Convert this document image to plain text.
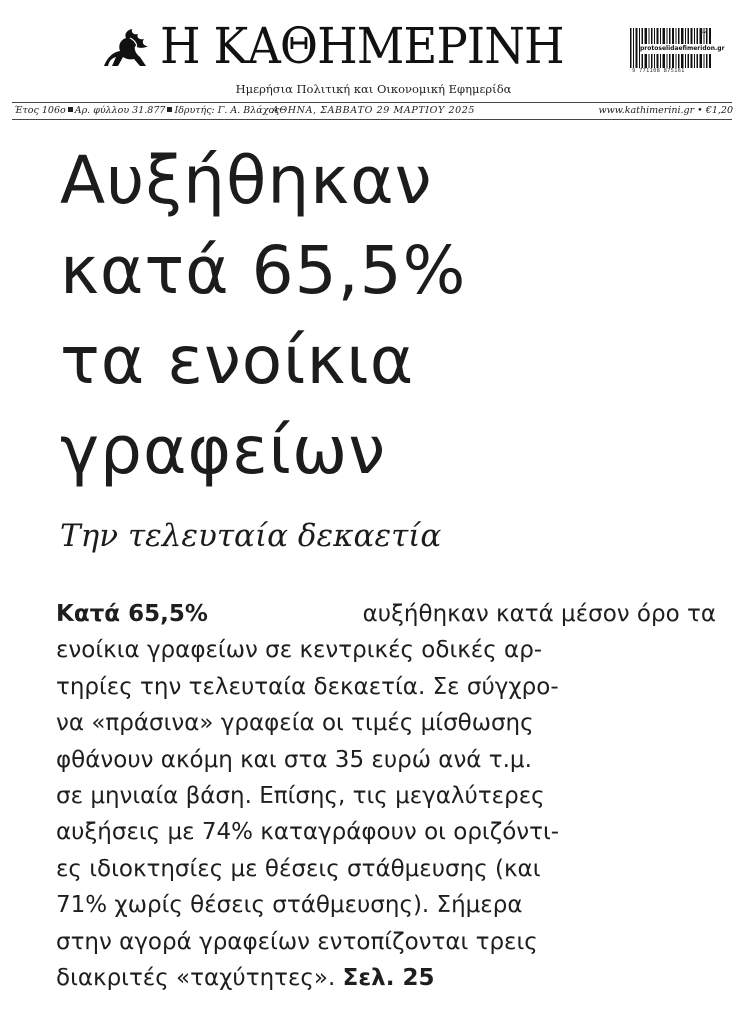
Η ΚΑΘΗΜΕΡΙΝΗ
Ημερήσια Πολιτική και Οικονομική Εφημερίδα
protoselidaefimeridon.gr
9 771108 875161
12
Έτος 106ο Αρ. φύλλου 31.877 Ιδρυτής: Γ. Α. Βλάχος
ΑΘΗΝΑ, ΣΑΒΒΑΤΟ 29 ΜΑΡΤΙΟΥ 2025	www.kathimerini.gr • €1,20
Αυξήθηκαν
κατά 65,5%
τα ενοίκια
γραφείων
Την τελευταία δεκαετία
Κατά 65,5%	αυξήθηκαν κατά μέσον όρο τα
ενοίκια γραφείων σε κεντρικές οδικές αρ-
τηρίες την τελευταία δεκαετία. Σε σύγχρο-
να «πράσινα» γραφεία οι τιμές μίσθωσης
φθάνουν ακόμη και στα 35 ευρώ ανά τ.μ.
σε μηνιαία βάση. Επίσης, τις μεγαλύτερες
αυξήσεις με 74% καταγράφουν οι οριζόντι-
ες ιδιοκτησίες με θέσεις στάθμευσης (και
71% χωρίς θέσεις στάθμευσης). Σήμερα
στην αγορά γραφείων εντοπίζονται τρεις
διακριτές «ταχύτητες». Σελ. 25
